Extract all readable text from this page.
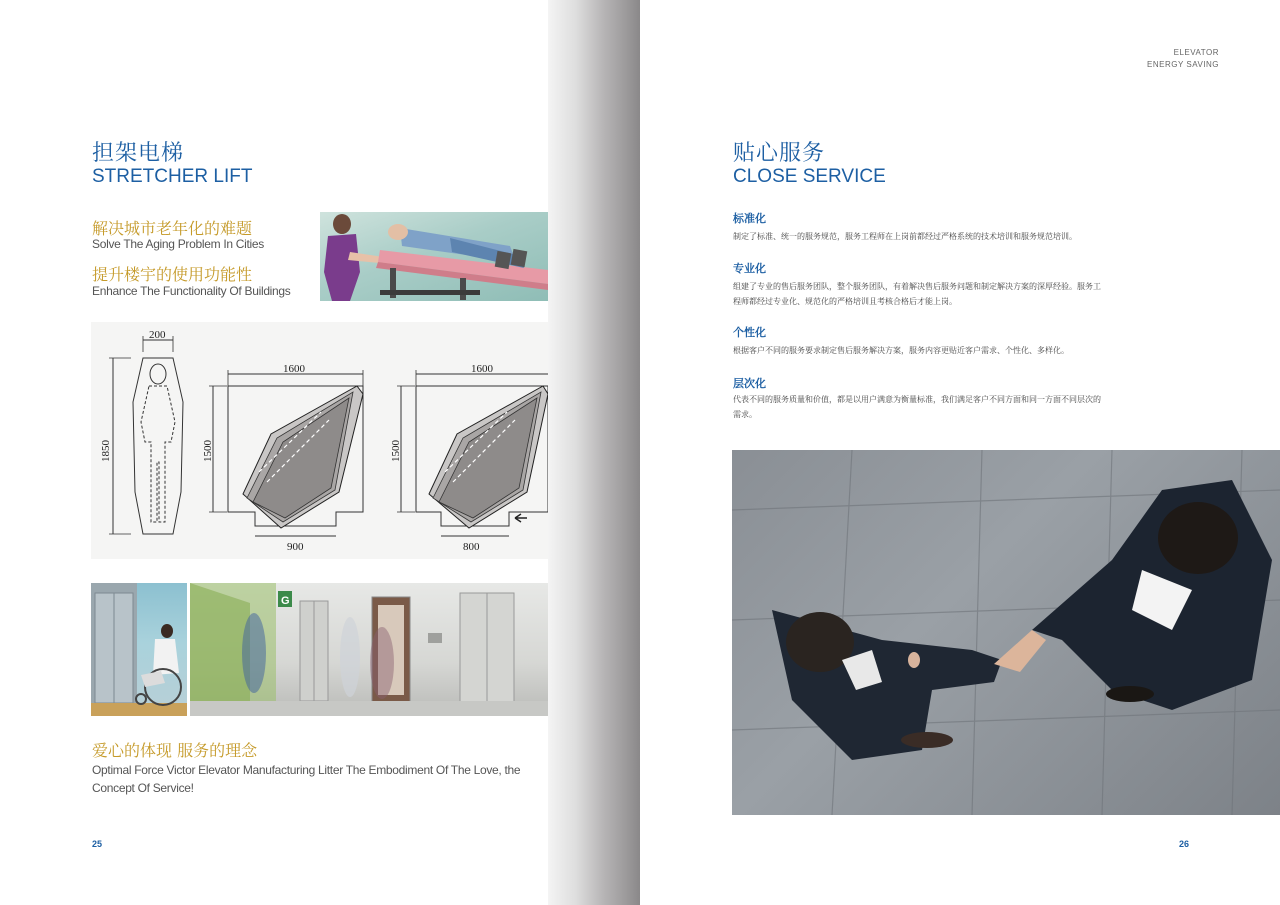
担架电梯
STRETCHER LIFT
解决城市老年化的难题
Solve The Aging Problem In Cities
提升楼宇的使用功能性
Enhance The Functionality Of Buildings
200
1850
1600
1500
900
1600
1500
800
G
爱心的体现 服务的理念
Optimal Force Victor Elevator Manufacturing Litter The Embodiment Of The Love, the Concept Of Service!
25
ELEVATOR
ENERGY SAVING
贴心服务
CLOSE SERVICE
标准化
制定了标准、统一的服务规范，服务工程师在上岗前都经过严格系统的技术培训和服务规范培训。
专业化
组建了专业的售后服务团队，整个服务团队，有着解决售后服务问题和制定解决方案的深厚经验。服务工程师都经过专业化、规范化的严格培训且考核合格后才能上岗。
个性化
根据客户不同的服务要求制定售后服务解决方案，服务内容更贴近客户需求、个性化、多样化。
层次化
代表不同的服务质量和价值，都是以用户满意为衡量标准，我们满足客户不同方面和同一方面不同层次的需求。
26
